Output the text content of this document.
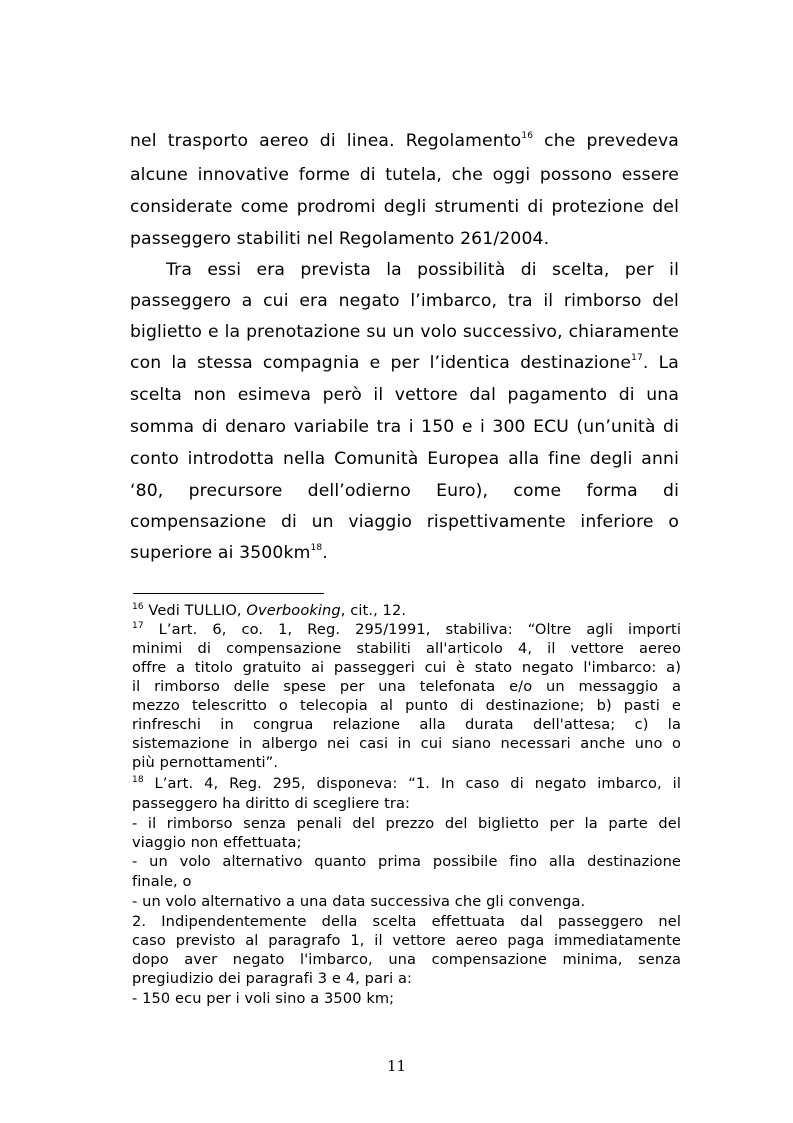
nel trasporto aereo di linea. Regolamento$^{16}$ che prevedeva
alcune innovative forme di tutela, che oggi possono essere
considerate come prodromi degli strumenti di protezione del
passeggero stabiliti nel Regolamento 261/2004.
Tra essi era prevista la possibilità di scelta, per il
passeggero a cui era negato l’imbarco, tra il rimborso del
biglietto e la prenotazione su un volo successivo, chiaramente
con la stessa compagnia e per l’identica destinazione$^{17}$. La
scelta non esimeva però il vettore dal pagamento di una
somma di denaro variabile tra i 150 e i 300 ECU (un’unità di
conto introdotta nella Comunità Europea alla fine degli anni
‘80, precursore dell’odierno Euro), come forma di
compensazione di un viaggio rispettivamente inferiore o
superiore ai $3500km^{18}$.
$^{16}$ Vedi TULLIO, Overbooking, cit., 12.
$^{17}$ L’art. 6, co. 1, Reg. 295/1991, stabiliva: “Oltre agli importi
minimi di compensazione stabiliti all'articolo 4, il vettore aereo
offre a titolo gratuito ai passeggeri cui è stato negato l'imbarco: a)
il rimborso delle spese per una telefonata e/o un messaggio a
mezzo telescritto o telecopia al punto di destinazione; b) pasti e
rinfreschi in congrua relazione alla durata dell'attesa; c) la
sistemazione in albergo nei casi in cui siano necessari anche uno o
più pernottamenti”.
$^{18}$ L’art. 4, Reg. 295, disponeva: “1. In caso di negato imbarco, il
passeggero ha diritto di scegliere tra:
- il rimborso senza penali del prezzo del biglietto per la parte del
viaggio non effettuata;
- un volo alternativo quanto prima possibile fino alla destinazione
finale, o
- un volo alternativo a una data successiva che gli convenga.
2. Indipendentemente della scelta effettuata dal passeggero nel
caso previsto al paragrafo 1, il vettore aereo paga immediatamente
dopo aver negato l'imbarco, una compensazione minima, senza
pregiudizio dei paragrafi 3 e 4, pari a:
- 150 ecu per i voli sino a 3500 km;
11
